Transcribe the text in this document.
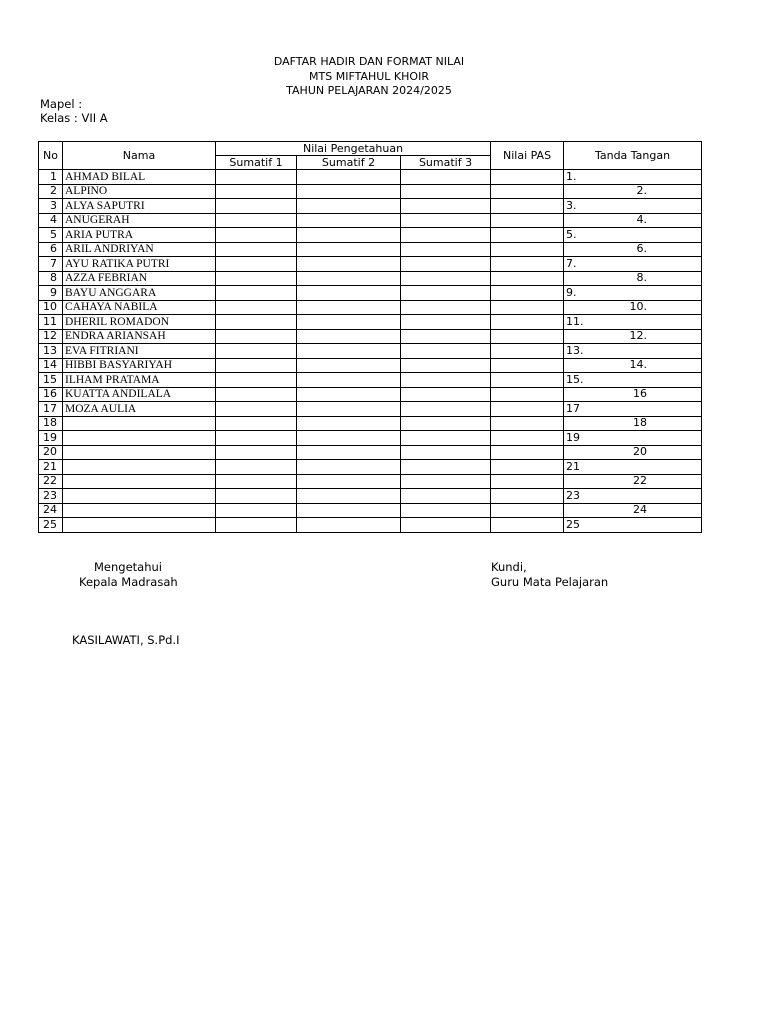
DAFTAR HADIR DAN FORMAT NILAI
MTS MIFTAHUL KHOIR
TAHUN PELAJARAN 2024/2025
Mapel :
Kelas : VII A
No	Nama	Nilai Pengetahuan			Nilai PAS	Tanda Tangan
		Sumatif 1	Sumatif 2	Sumatif 3		
1	AHMAD BILAL					1.
2	ALPINO					2.
3	ALYA SAPUTRI					3.
4	ANUGERAH					4.
5	ARIA PUTRA					5.
6	ARIL ANDRIYAN					6.
7	AYU RATIKA PUTRI					7.
8	AZZA FEBRIAN					8.
9	BAYU ANGGARA					9.
10	CAHAYA NABILA					10.
11	DHERIL ROMADON					11.
12	ENDRA ARIANSAH					12.
13	EVA FITRIANI					13.
14	HIBBI BASYARIYAH					14.
15	ILHAM PRATAMA					15.
16	KUATTA ANDILALA					16
17	MOZA AULIA					17
18						18
19						19
20						20
21						21
22						22
23						23
24						24
25						25
Mengetahui
Kepala Madrasah
KASILAWATI, S.Pd.I
Kundi,
Guru Mata Pelajaran
